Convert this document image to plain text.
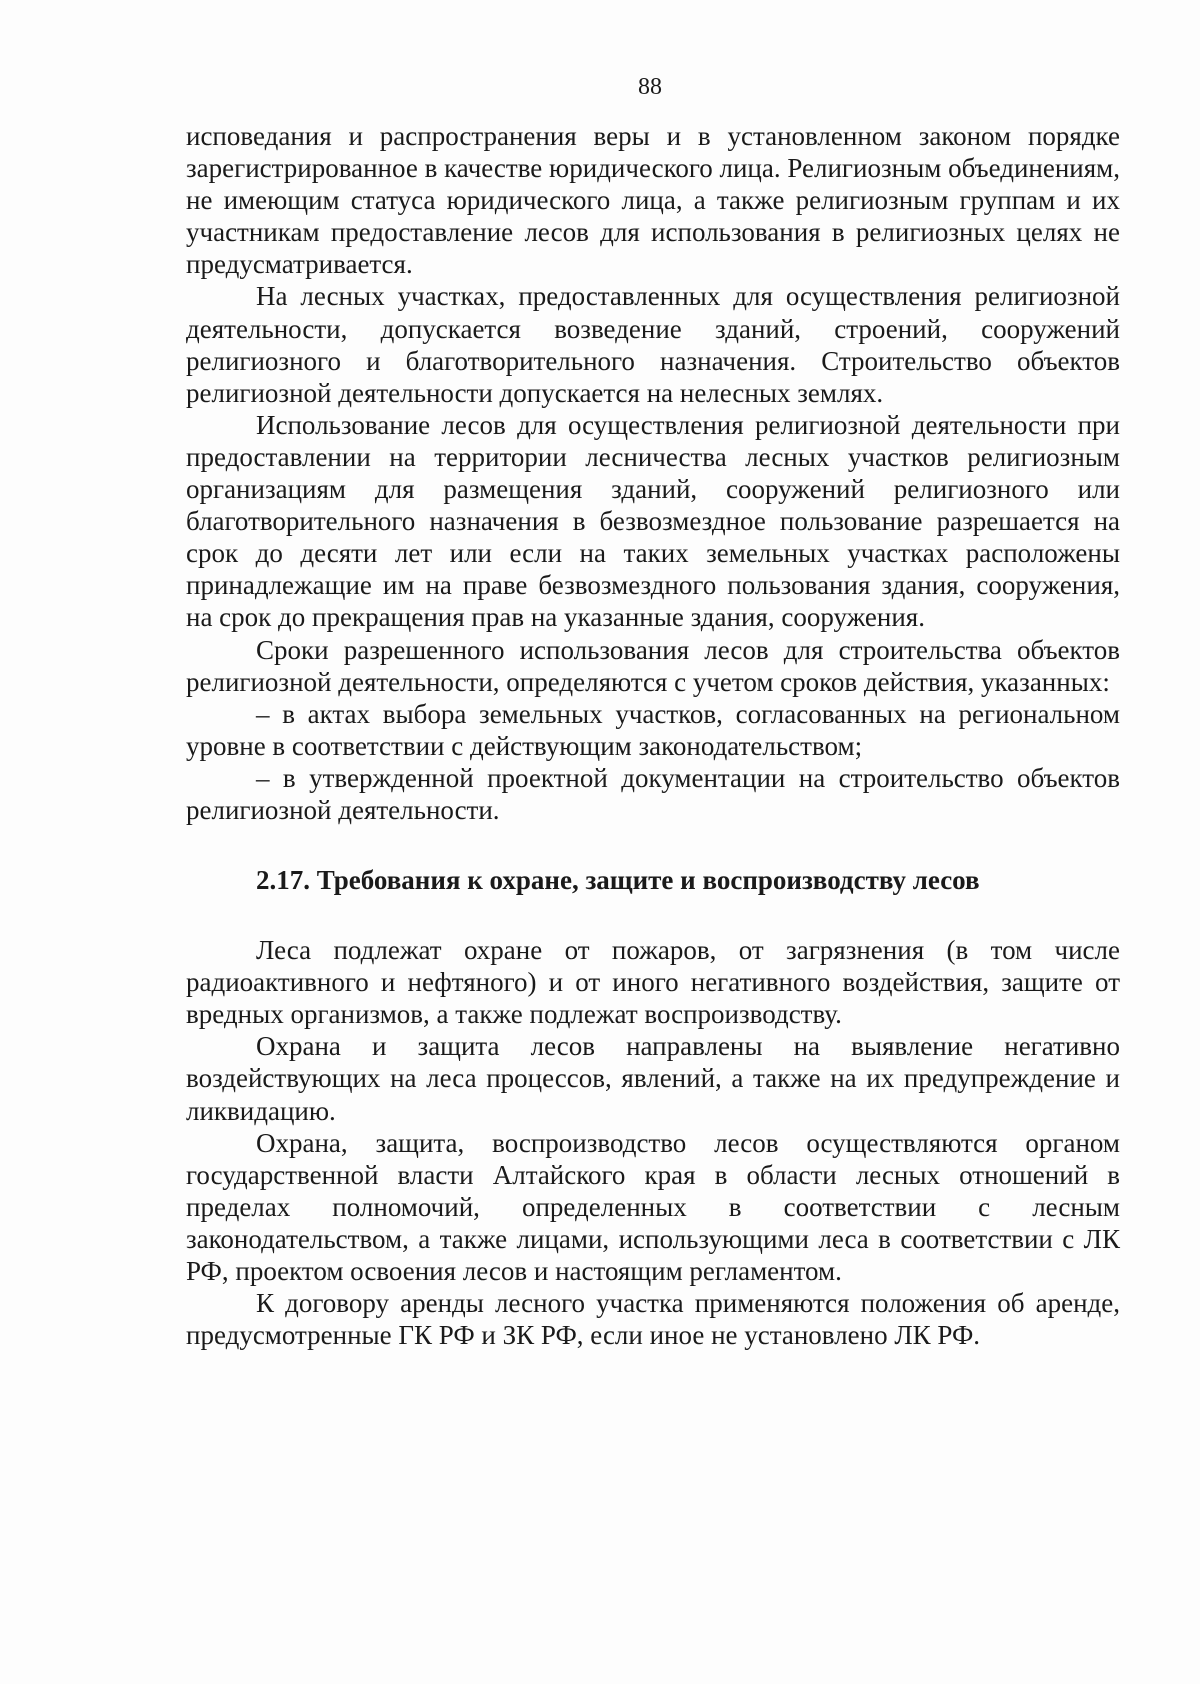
88

исповедания и распространения веры и в установленном законом порядке зарегистрированное в качестве юридического лица. Религиозным объединениям, не имеющим статуса юридического лица, а также религиозным группам и их участникам предоставление лесов для использования в религиозных целях не предусматривается.

На лесных участках, предоставленных для осуществления религиозной деятельности, допускается возведение зданий, строений, сооружений религиозного и благотворительного назначения. Строительство объектов религиозной деятельности допускается на нелесных землях.

Использование лесов для осуществления религиозной деятельности при предоставлении на территории лесничества лесных участков религиозным организациям для размещения зданий, сооружений религиозного или благотворительного назначения в безвозмездное пользование разрешается на срок до десяти лет или если на таких земельных участках расположены принадлежащие им на праве безвозмездного пользования здания, сооружения, на срок до прекращения прав на указанные здания, сооружения.

Сроки разрешенного использования лесов для строительства объектов религиозной деятельности, определяются с учетом сроков действия, указанных:

– в актах выбора земельных участков, согласованных на региональном уровне в соответствии с действующим законодательством;

– в утвержденной проектной документации на строительство объектов религиозной деятельности.

2.17. Требования к охране, защите и воспроизводству лесов

Леса подлежат охране от пожаров, от загрязнения (в том числе радиоактивного и нефтяного) и от иного негативного воздействия, защите от вредных организмов, а также подлежат воспроизводству.

Охрана и защита лесов направлены на выявление негативно воздействующих на леса процессов, явлений, а также на их предупреждение и ликвидацию.

Охрана, защита, воспроизводство лесов осуществляются органом государственной власти Алтайского края в области лесных отношений в пределах полномочий, определенных в соответствии с лесным законодательством, а также лицами, использующими леса в соответствии с ЛК РФ, проектом освоения лесов и настоящим регламентом.

К договору аренды лесного участка применяются положения об аренде, предусмотренные ГК РФ и ЗК РФ, если иное не установлено ЛК РФ.
